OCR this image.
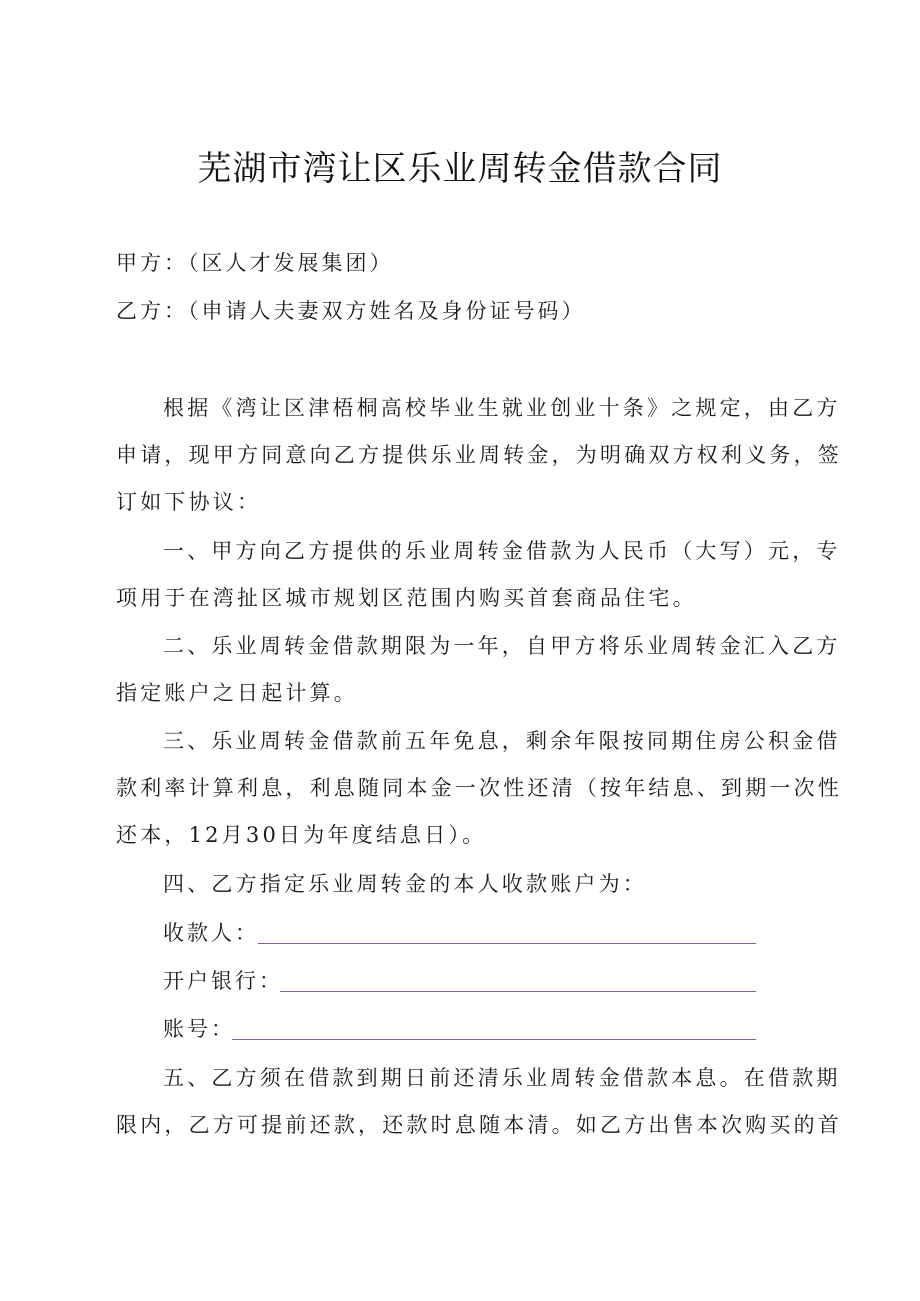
芜湖市湾让区乐业周转金借款合同
甲方：（区人才发展集团）
乙方：（申请人夫妻双方姓名及身份证号码）
根据《湾让区津梧桐高校毕业生就业创业十条》之规定，由乙方
申请，现甲方同意向乙方提供乐业周转金，为明确双方权利义务，签
订如下协议：
一、甲方向乙方提供的乐业周转金借款为人民币（大写）元，专
项用于在湾扯区城市规划区范围内购买首套商品住宅。
二、乐业周转金借款期限为一年，自甲方将乐业周转金汇入乙方
指定账户之日起计算。
三、乐业周转金借款前五年免息，剩余年限按同期住房公积金借
款利率计算利息，利息随同本金一次性还清（按年结息、到期一次性
还本，12月30日为年度结息日）。
四、乙方指定乐业周转金的本人收款账户为：
收款人：
开户银行：
账号：
五、乙方须在借款到期日前还清乐业周转金借款本息。在借款期
限内，乙方可提前还款，还款时息随本清。如乙方出售本次购买的首
